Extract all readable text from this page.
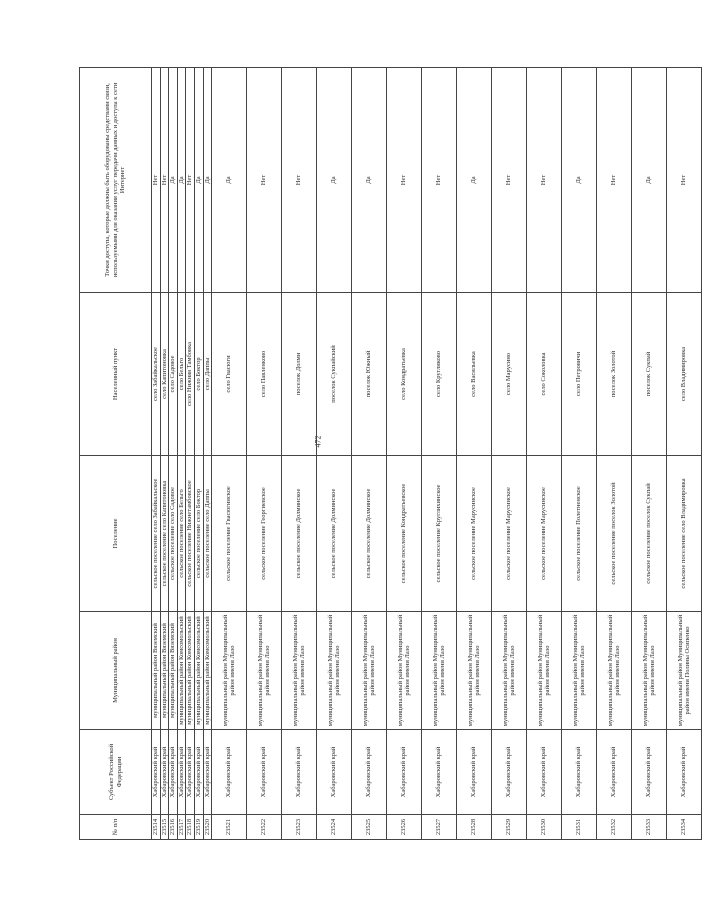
472
№ п/п	Субъект Российской Федерации	Муниципальный район	Поселение	Населенный пункт	Точки доступа, которые должны быть оборудованы средствами связи, используемыми для оказания услуг передачи данных и доступа к сети Интернет
23514	Хабаровский край	муниципальный район Вяземский	сельское поселение село Забайкальское	село Забайкальское	Нет
23515	Хабаровский край	муниципальный район Вяземский	сельское поселение село Капитоновка	село Капитоновка	Нет
23516	Хабаровский край	муниципальный район Вяземский	сельское поселение село Садовое	село Садовое	Да
23517	Хабаровский край	муниципальный район Комсомольский	сельское поселение село Бельго	село Бельго	Да
23518	Хабаровский край	муниципальный район Комсомольский	сельское поселение Нижнетамбовское	село Нижняя Тамбовка	Нет
23519	Хабаровский край	муниципальный район Комсомольский	сельское поселение село Боктор	село Боктор	Да
23520	Хабаровский край	муниципальный район Комсомольский	сельское поселение село Даппы	село Даппы	Да
23521	Хабаровский край	муниципальный район Муниципальный район имени Лазо	сельское поселение Гвасюгинское	село Гвасюги	Да
23522	Хабаровский край	муниципальный район Муниципальный район имени Лазо	сельское поселение Георгиевское	село Павленково	Нет
23523	Хабаровский край	муниципальный район Муниципальный район имени Лазо	сельское поселение Долминское	поселок Долми	Нет
23524	Хабаровский край	муниципальный район Муниципальный район имени Лазо	сельское поселение Долминское	поселок Сукпайский	Да
23525	Хабаровский край	муниципальный район Муниципальный район имени Лазо	сельское поселение Долминское	поселок Южный	Да
23526	Хабаровский край	муниципальный район Муниципальный район имени Лазо	сельское поселение Кондратьевское	село Кондратьевка	Нет
23527	Хабаровский край	муниципальный район Муниципальный район имени Лазо	сельское поселение Круглихинское	село Кругликово	Нет
23528	Хабаровский край	муниципальный район Муниципальный район имени Лазо	сельское поселение Марусинское	село Васильевка	Да
23529	Хабаровский край	муниципальный район Муниципальный район имени Лазо	сельское поселение Марусинское	село Марусино	Нет
23530	Хабаровский край	муниципальный район Муниципальный район имени Лазо	сельское поселение Марусинское	село Соколовка	Нет
23531	Хабаровский край	муниципальный район Муниципальный район имени Лазо	сельское поселение Полетненское	село Петровичи	Да
23532	Хабаровский край	муниципальный район Муниципальный район имени Лазо	сельское поселение поселок Золотой	поселок Золотой	Нет
23533	Хабаровский край	муниципальный район Муниципальный район имени Лазо	сельское поселение поселок Сукпай	поселок Сукпай	Да
23534	Хабаровский край	муниципальный район Муниципальный район имени Полины Осипенко	сельское поселение село Владимировка	село Владимировка	Нет
